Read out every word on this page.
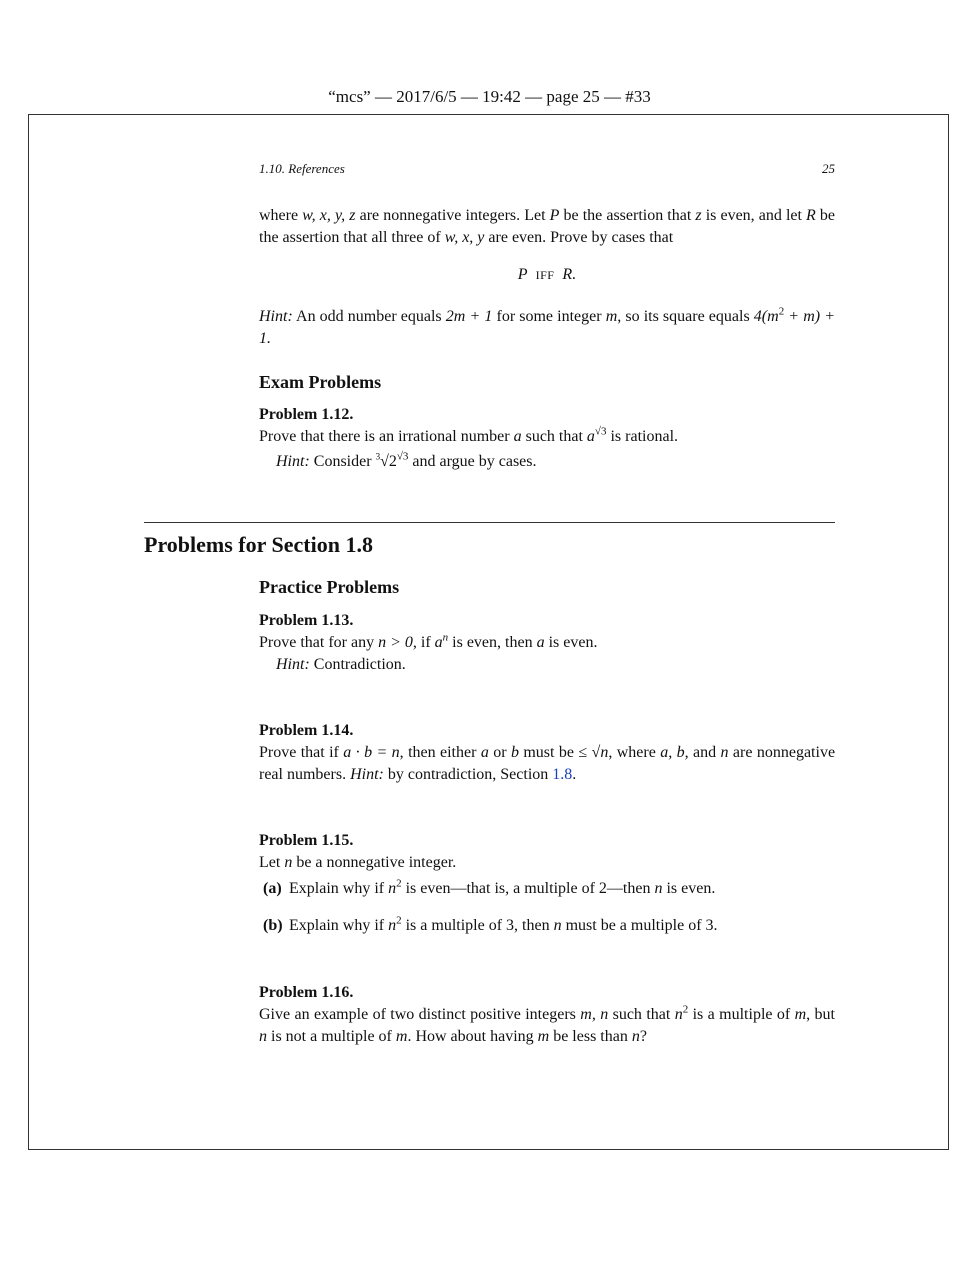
“mcs” — 2017/6/5 — 19:42 — page 25 — #33
1.10. References	25
where w, x, y, z are nonnegative integers. Let P be the assertion that z is even, and let R be the assertion that all three of w, x, y are even. Prove by cases that
P IFF R.
Hint: An odd number equals 2m + 1 for some integer m, so its square equals $4(m^2 + m) + 1$.
Exam Problems
Problem 1.12.
Prove that there is an irrational number a such that $a^{√3}$ is rational.
Hint: Consider $^3√2^{√3}$ and argue by cases.
Problems for Section 1.8
Practice Problems
Problem 1.13.
Prove that for any n > 0, if $a^n$ is even, then a is even.
Hint: Contradiction.
Problem 1.14.
Prove that if a · b = n, then either a or b must be ≤ √n, where a, b, and n are nonnegative real numbers. Hint: by contradiction, Section 1.8.
Problem 1.15.
Let n be a nonnegative integer.
(a) Explain why if $n^2$ is even—that is, a multiple of 2—then n is even.
(b) Explain why if $n^2$ is a multiple of 3, then n must be a multiple of 3.
Problem 1.16.
Give an example of two distinct positive integers m, n such that $n^2$ is a multiple of m, but n is not a multiple of m. How about having m be less than n?
